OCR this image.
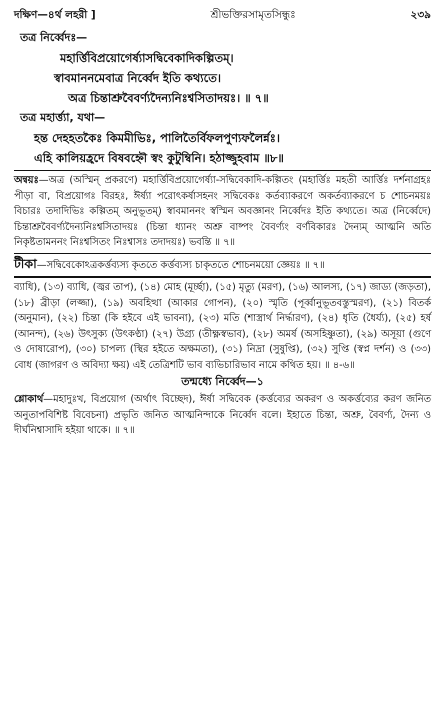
দক্ষিণ—৪র্থ লহরী ]	শ্রীভক্তিরসামৃতসিন্ধুঃ	২৩৯
তত্র নির্ব্বেদঃ—
মহার্ত্তিবিপ্রয়োগের্ষ্যাসদ্বিবেকাদিকল্পিতম্।
স্বাবমাননমেবাত্র নির্ব্বেদ ইতি কথ্যতে।
অত্র চিন্তাশ্রুবৈবর্ণ্যদৈন্যনিঃশ্বসিতাদয়ঃ। ॥ ৭॥
তত্র মহার্ত্ত্যা, যথা—
হন্ত দেহহতকৈঃ কিমমীভিঃ, পালিতৈর্বিফলপুণ্যফলৈর্ন্নঃ।
এহি কালিয়হ্রদে বিষবহ্নৌ স্বং কুটুম্বিনি। হঠাজ্জুহবাম ॥৮॥

অন্বয়ঃ—অত্র (অস্মিন্ প্রকরণে) মহার্ত্তিবিপ্রয়োগের্ষ্যা-সদ্বিবেকাদি-কল্পিতং (মহার্ত্তিঃ মহতী আর্ত্তিঃ দর্শনাগ্রহঃ পীড়া বা, বিপ্রয়োগঃ বিরহঃ, ঈর্ষ্যা পরোৎকর্ষাসহনং সদ্বিবেকঃ কর্তব্যাকরণে অকর্তব্যাকরণে চ শোচনময়ঃ বিচারঃ তদাদিভিঃ কল্পিতম্ অনুভূতম্) স্বাবমাননং স্বস্মিন অবজ্ঞানং নির্ব্বেদঃ ইতি কথ্যতে। অত্র (নির্ব্বেদে) চিন্তাশ্রুবৈবর্ণ্যদৈন্যনিঃশ্বসিতাদয়ঃ (চিন্তা ধ্যানং অশ্রু বাষ্পং বৈবর্ণ্যং বর্ণবিকারঃ দৈন্যম্ আত্মনি অতি নিকৃষ্টতামননং নিঃশ্বসিতং নিঃশ্বাসঃ তদাদয়ঃ) ভবন্তি ॥ ৭॥

টীকা—সদ্বিবেকোঽত্রকর্ত্তব্যস্য কৃততে কর্ত্তব্যস্য চাকৃততে শোচনময়ো জ্ঞেয়ঃ ॥ ৭॥

ব্যাধি), (১৩) ব্যাধি, (জ্বর তাপ), (১৪) মোহ (মূর্চ্ছা), (১৫) মৃত্যু (মরণ), (১৬) আলস্য, (১৭) জাড্য (জড়তা), (১৮) ব্রীড়া (লজ্জা), (১৯) অবহিত্থা (আকার গোপন), (২০) স্মৃতি (পূর্ব্বানুভূতবস্তুস্মরণ), (২১) বিতর্ক (অনুমান), (২২) চিন্তা (কি হইবে এই ভাবনা), (২৩) মতি (শাস্ত্রার্থ নির্দ্ধারণ), (২৪) ধৃতি (ধৈর্য্য), (২৫) হর্ষ (আনন্দ), (২৬) উৎসুক্য (উৎকণ্ঠা) (২৭) উগ্র্য (তীক্ষ্ণস্বভাব), (২৮) অমর্ষ (অসহিষ্ণুতা), (২৯) অসূয়া (গুণে ও দোষারোপ), (৩০) চাপল্য (স্থির হইতে অক্ষমতা), (৩১) নিদ্রা (সুষুপ্তি), (৩২) সুপ্তি (স্বপ্ন দর্শন) ও (৩৩) বোধ (জাগরণ ও অবিদ্যা ক্ষয়) এই তেত্রিশটি ভাব ব্যভিচারিভাব নামে কথিত হয়। ॥ ৪-৬॥

তন্মধ্যে নির্ব্বেদ—১

শ্লোকার্থ—মহাদুঃখ, বিপ্রয়োগ (অর্থাৎ বিচ্ছেদ), ঈর্ষা সদ্বিবেক (কর্ত্তব্যের অকরণ ও অকর্ত্তব্যের করণ জনিত অনুতাপবিশিষ্ট বিবেচনা) প্রভৃতি জনিত আত্মনিন্দাকে নির্ব্বেদ বলে। ইহাতে চিন্তা, অশ্রু, বৈবর্ণ্য, দৈন্য ও দীর্ঘনিশ্বাসাদি হইয়া থাকে। ॥ ৭॥
